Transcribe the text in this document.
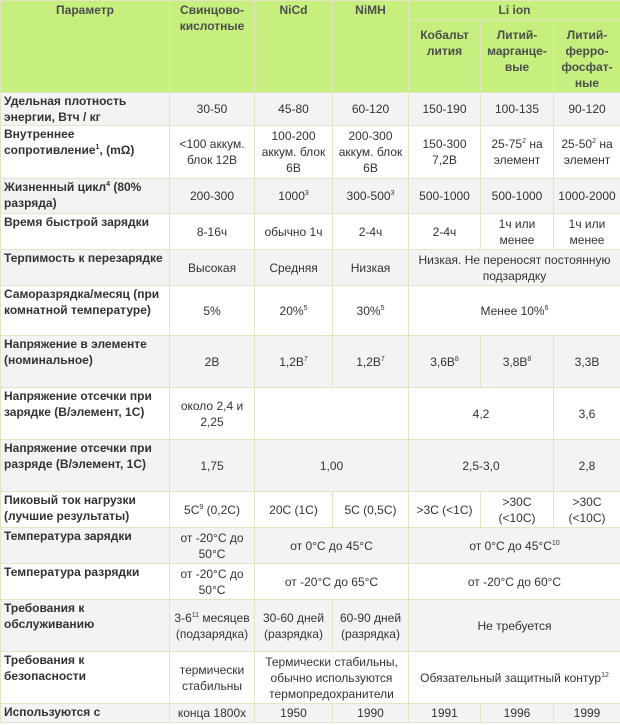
Параметр	Свинцово-кислотные	NiCd	NiMH	Li ion		
				Кобальт лития	Литий-марганце-вые	Литий-ферро-фосфат-ные
Удельная плотность энергии, Втч / кг	30-50	45-80	60-120	150-190	100-135	90-120
Внутреннее сопротивление$^1$, (mΩ)	<100 аккум. блок 12В	100-200 аккум. блок 6В	200-300 аккум. блок 6В	150-300 7,2В	$25-75^2$ на элемент	$25-50^2$ на элемент
Жизненный цикл$^4$ (80% разряда)	200-300	1000$^3$	$300-500^3$	500-1000	500-1000	1000-2000
Время быстрой зарядки	8-16ч	обычно 1ч	2-4ч	2-4ч	1ч или менее	1ч или менее
Терпимость к перезарядке	Высокая	Средняя	Низкая	Низкая. Не переносят постоянную подзарядку		
Саморазрядка/месяц (при комнатной температуре)	5%	20%$^5$	30%$^5$	Менее 10%$^6$
Напряжение в элементе (номинальное)	2В	$1,2В^7$	$1,2В^7$	$3,6В^8$	$3,8В^8$	3,3В
Напряжение отсечки при зарядке (В/элемент, 1С)	около 2,4 и 2,25			4,2		3,6
Напряжение отсечки при разряде (В/элемент, 1С)	1,75	1,00		2,5-3,0		2,8
Пиковый ток нагрузки (лучшие результаты)	$5С^9$ (0,2С)	20С (1С)	5С (0,5С)	>3С (<1С)	>30С (<10С)	>30С (<10С)
Температура зарядки	от -20°С до 50°С	от 0°С до 45°С		от 0°С до $45^\circ С^{10}$
Температура разрядки	от -20°С до 50°С	от -20°С до 65°С		от -20°С до 60°С		
Требования к обслуживанию	$3-6^{11}$ месяцев (подзарядка)	30-60 дней (разрядка)	60-90 дней (разрядка)	Не требуется		
Требования к безопасности	термически стабильны	Термически стабильны, обычно используются термопредохранители		Обязательный защитный контур$^{12}$
Используются с	конца 1800х	1950	1990	1991	1996	1999
